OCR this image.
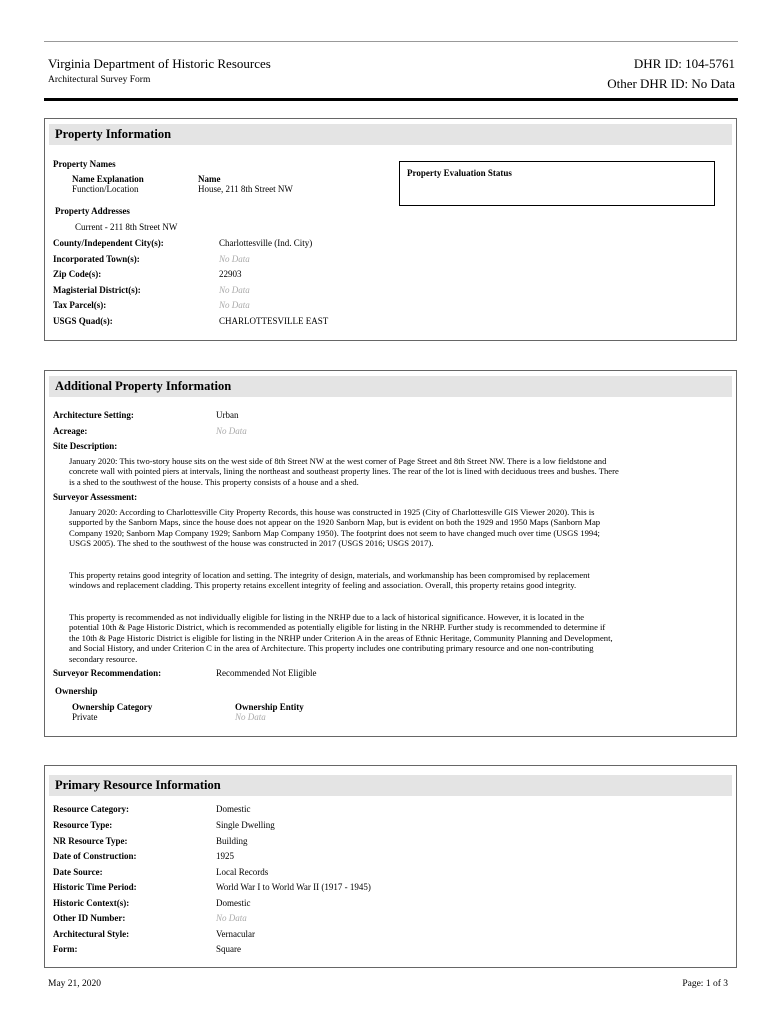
Virginia Department of Historic Resources
Architectural Survey Form
DHR ID: 104-5761
Other DHR ID: No Data
Property Information
Property Names
Name Explanation	Name
Function/Location	House, 211 8th Street NW
Property Evaluation Status
Property Addresses
Current - 211 8th Street NW
County/Independent City(s):	Charlottesville (Ind. City)
Incorporated Town(s):	No Data
Zip Code(s):	22903
Magisterial District(s):	No Data
Tax Parcel(s):	No Data
USGS Quad(s):	CHARLOTTESVILLE EAST
Additional Property Information
Architecture Setting:	Urban
Acreage:	No Data
Site Description:
January 2020: This two-story house sits on the west side of 8th Street NW at the west corner of Page Street and 8th Street NW. There is a low fieldstone and concrete wall with pointed piers at intervals, lining the northeast and southeast property lines. The rear of the lot is lined with deciduous trees and bushes. There is a shed to the southwest of the house. This property consists of a house and a shed.
Surveyor Assessment:
January 2020: According to Charlottesville City Property Records, this house was constructed in 1925 (City of Charlottesville GIS Viewer 2020). This is supported by the Sanborn Maps, since the house does not appear on the 1920 Sanborn Map, but is evident on both the 1929 and 1950 Maps (Sanborn Map Company 1920; Sanborn Map Company 1929; Sanborn Map Company 1950). The footprint does not seem to have changed much over time (USGS 1994; USGS 2005). The shed to the southwest of the house was constructed in 2017 (USGS 2016; USGS 2017).
This property retains good integrity of location and setting. The integrity of design, materials, and workmanship has been compromised by replacement windows and replacement cladding. This property retains excellent integrity of feeling and association. Overall, this property retains good integrity.
This property is recommended as not individually eligible for listing in the NRHP due to a lack of historical significance. However, it is located in the potential 10th & Page Historic District, which is recommended as potentially eligible for listing in the NRHP. Further study is recommended to determine if the 10th & Page Historic District is eligible for listing in the NRHP under Criterion A in the areas of Ethnic Heritage, Community Planning and Development, and Social History, and under Criterion C in the area of Architecture. This property includes one contributing primary resource and one non-contributing secondary resource.
Surveyor Recommendation:	Recommended Not Eligible
Ownership
Ownership Category	Ownership Entity
Private	No Data
Primary Resource Information
Resource Category:	Domestic
Resource Type:	Single Dwelling
NR Resource Type:	Building
Date of Construction:	1925
Date Source:	Local Records
Historic Time Period:	World War I to World War II (1917 - 1945)
Historic Context(s):	Domestic
Other ID Number:	No Data
Architectural Style:	Vernacular
Form:	Square
May 21, 2020	Page: 1 of 3
